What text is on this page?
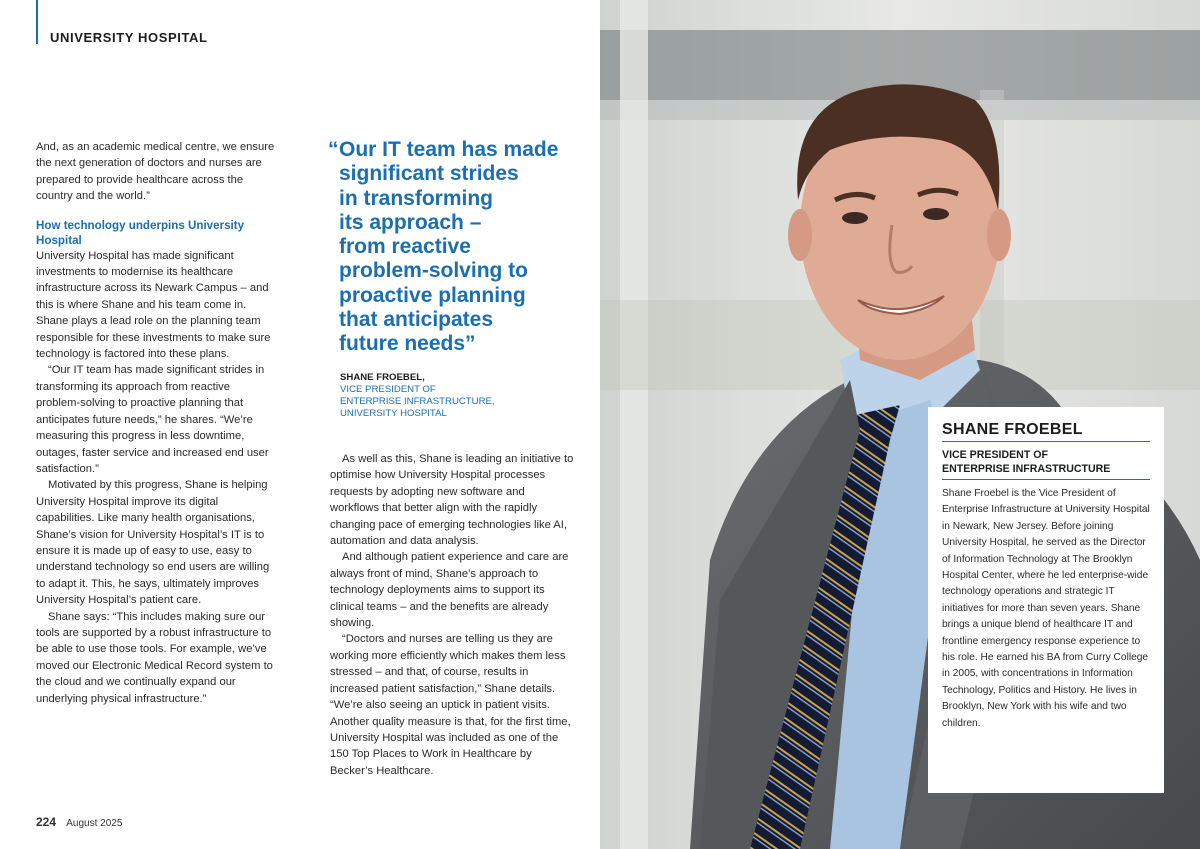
UNIVERSITY HOSPITAL

And, as an academic medical centre, we ensure the next generation of doctors and nurses are prepared to provide healthcare across the country and the world.”

How technology underpins University Hospital

University Hospital has made significant investments to modernise its healthcare infrastructure across its Newark Campus – and this is where Shane and his team come in. Shane plays a lead role on the planning team responsible for these investments to make sure technology is factored into these plans.

“Our IT team has made significant strides in transforming its approach from reactive problem-solving to proactive planning that anticipates future needs,” he shares. “We’re measuring this progress in less downtime, outages, faster service and increased end user satisfaction.”

Motivated by this progress, Shane is helping University Hospital improve its digital capabilities. Like many health organisations, Shane’s vision for University Hospital’s IT is to ensure it is made up of easy to use, easy to understand technology so end users are willing to adapt it. This, he says, ultimately improves University Hospital’s patient care.

Shane says: “This includes making sure our tools are supported by a robust infrastructure to be able to use those tools. For example, we’ve moved our Electronic Medical Record system to the cloud and we continually expand our underlying physical infrastructure.”

“ Our IT team has made
significant strides
in transforming
its approach –
from reactive
problem-solving to
proactive planning
that anticipates
future needs”
SHANE FROEBEL,
VICE PRESIDENT OF
ENTERPRISE INFRASTRUCTURE,
UNIVERSITY HOSPITAL

As well as this, Shane is leading an initiative to optimise how University Hospital processes requests by adopting new software and workflows that better align with the rapidly changing pace of emerging technologies like AI, automation and data analysis.

And although patient experience and care are always front of mind, Shane’s approach to technology deployments aims to support its clinical teams – and the benefits are already showing.

“Doctors and nurses are telling us they are working more efficiently which makes them less stressed – and that, of course, results in increased patient satisfaction,” Shane details. “We’re also seeing an uptick in patient visits. Another quality measure is that, for the first time, University Hospital was included as one of the 150 Top Places to Work in Healthcare by Becker’s Healthcare.

224 August 2025
SHANE FROEBEL
VICE PRESIDENT OF
ENTERPRISE INFRASTRUCTURE
Shane Froebel is the Vice President of Enterprise Infrastructure at University Hospital in Newark, New Jersey. Before joining University Hospital, he served as the Director of Information Technology at The Brooklyn Hospital Center, where he led enterprise-wide technology operations and strategic IT initiatives for more than seven years. Shane brings a unique blend of healthcare IT and frontline emergency response experience to his role. He earned his BA from Curry College in 2005, with concentrations in Information Technology, Politics and History. He lives in Brooklyn, New York with his wife and two children.
